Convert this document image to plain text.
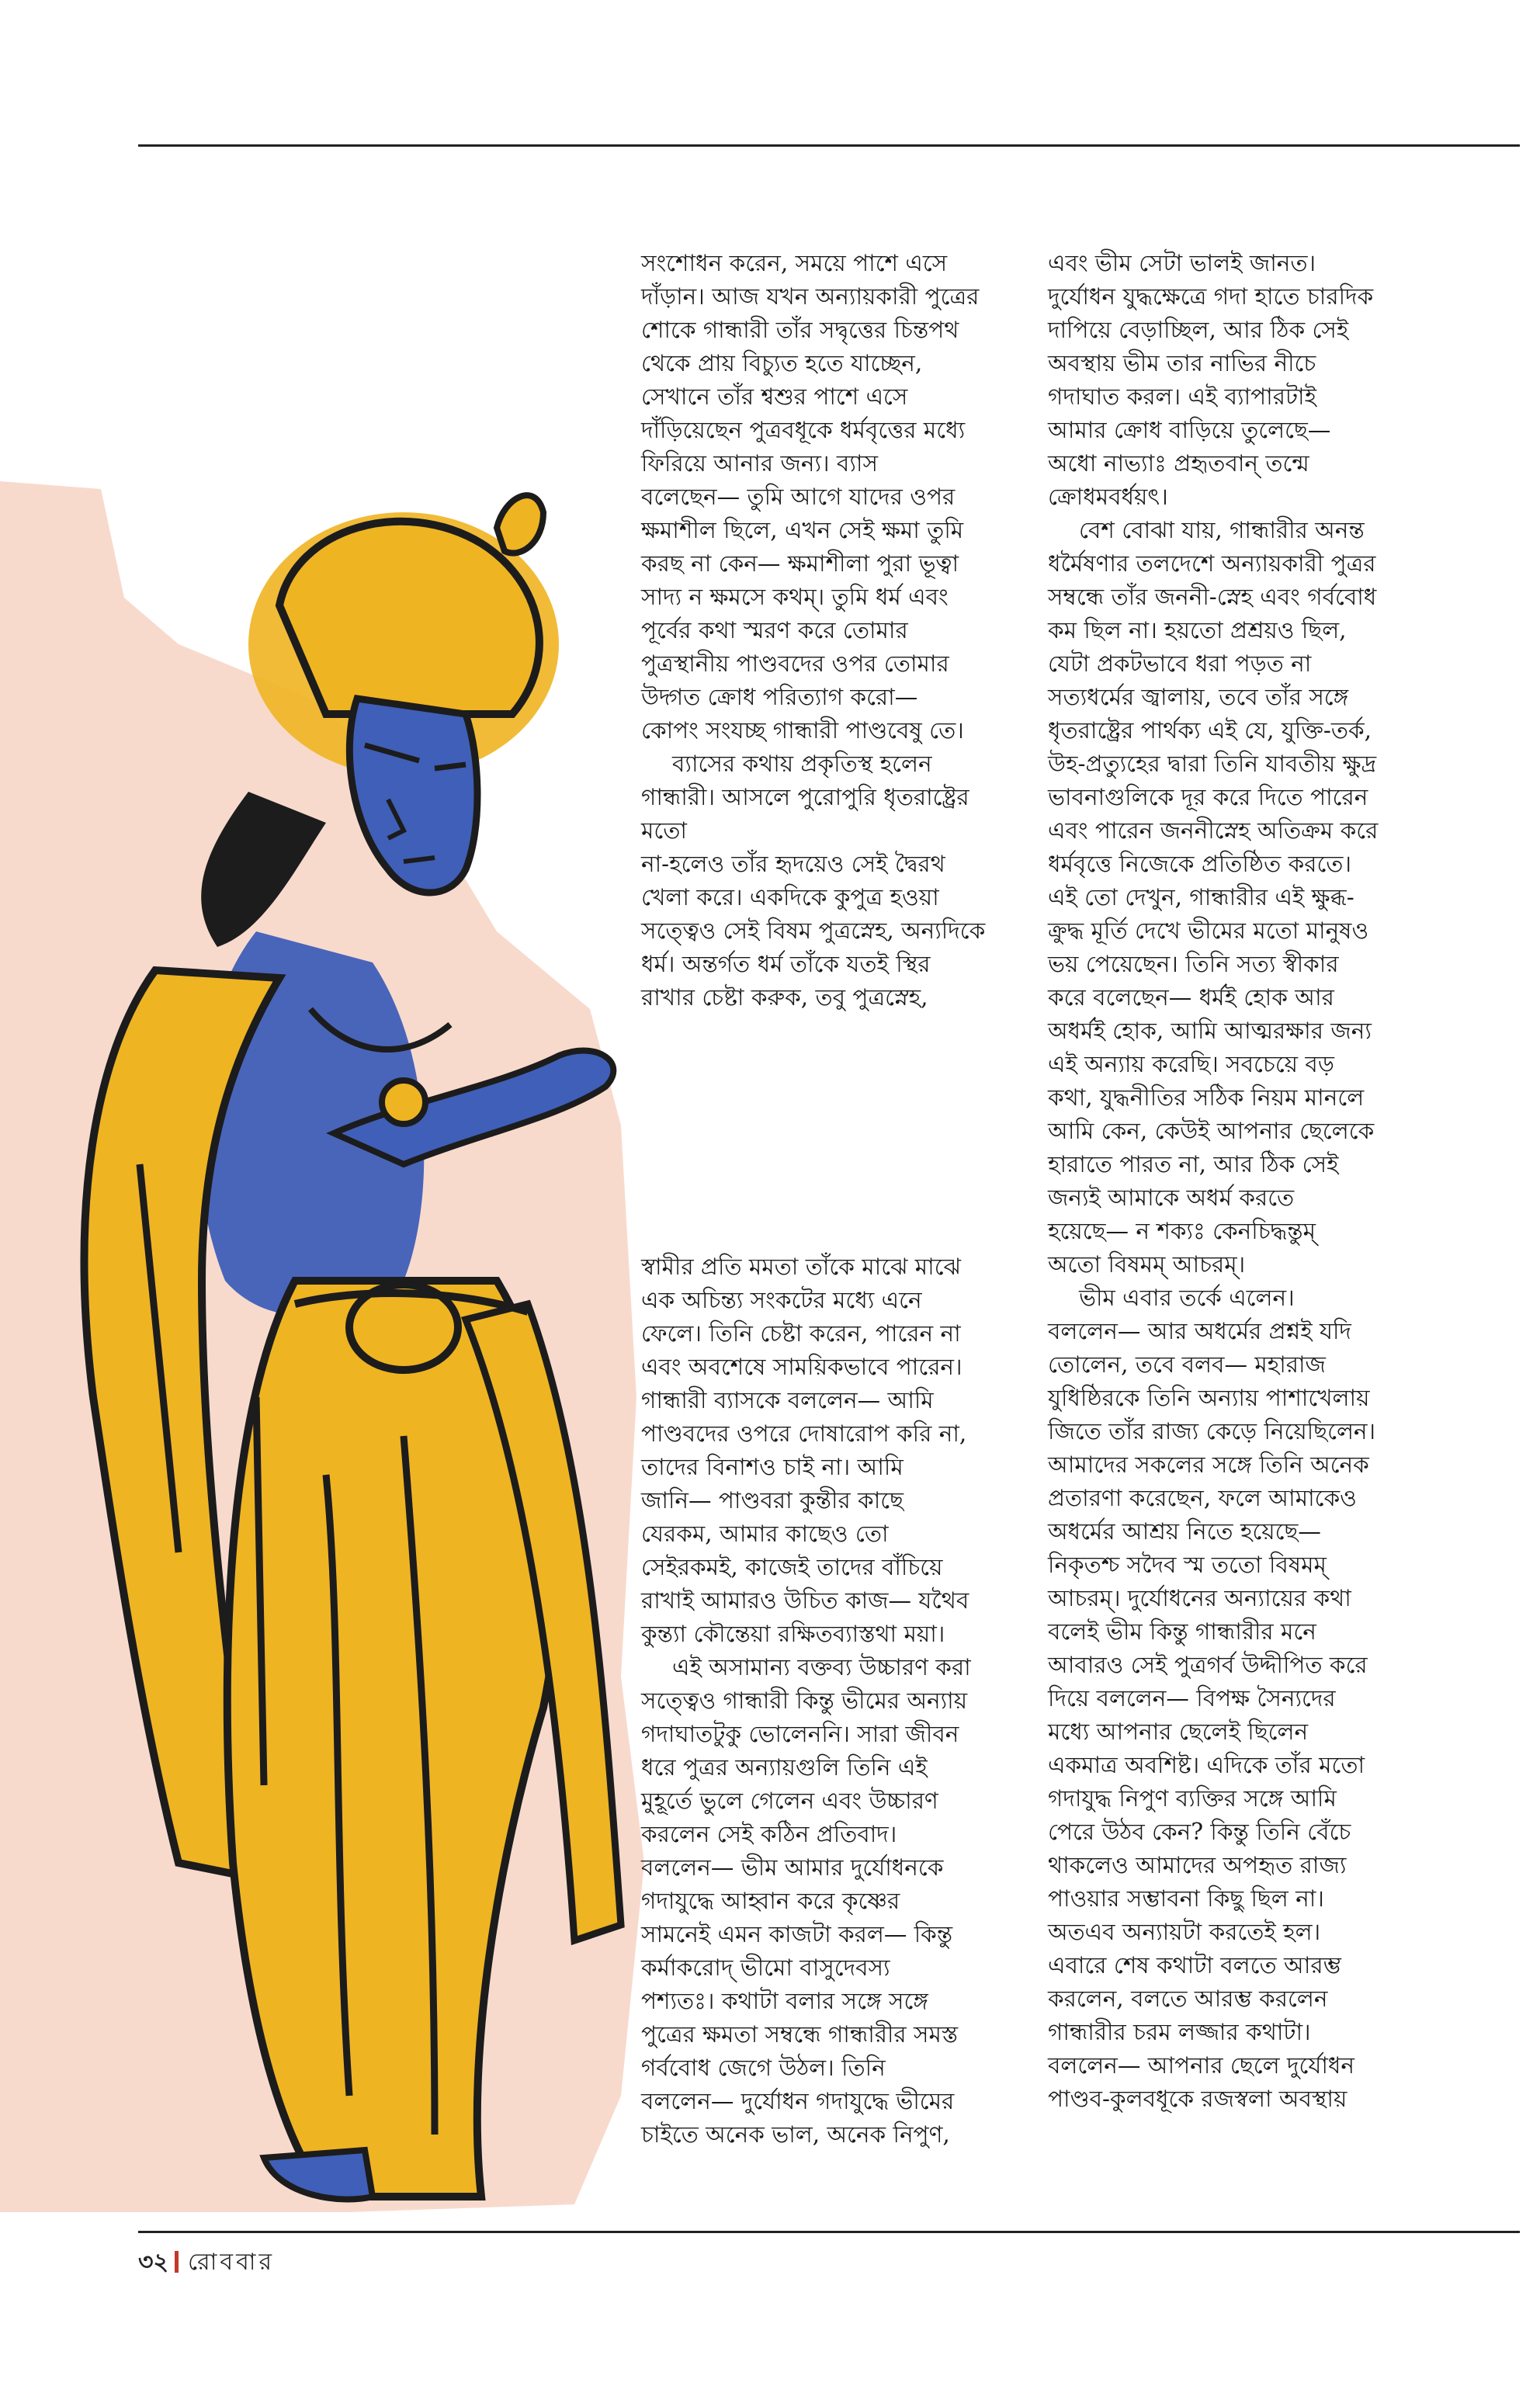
সংশোধন করেন, সময়ে পাশে এসে

দাঁড়ান। আজ যখন অন্যায়কারী পুত্রের

শোকে গান্ধারী তাঁর সদ্বৃত্তের চিন্তপথ

থেকে প্রায় বিচ্যুত হতে যাচ্ছেন,

সেখানে তাঁর শ্বশুর পাশে এসে

দাঁড়িয়েছেন পুত্রবধূকে ধর্মবৃত্তের মধ্যে

ফিরিয়ে আনার জন্য। ব্যাস

বলেছেন— তুমি আগে যাদের ওপর

ক্ষমাশীল ছিলে, এখন সেই ক্ষমা তুমি

করছ না কেন— ক্ষমাশীলা পুরা ভূত্বা

সাদ্য ন ক্ষমসে কথম্‌। তুমি ধর্ম এবং

পূর্বের কথা স্মরণ করে তোমার

পুত্রস্থানীয় পাণ্ডবদের ওপর তোমার

উদ্গত ক্রোধ পরিত্যাগ করো—

কোপং সংযচ্ছ গান্ধারী পাণ্ডবেষু তে।

ব্যাসের কথায় প্রকৃতিস্থ হলেন

গান্ধারী। আসলে পুরোপুরি ধৃতরাষ্ট্রের

মতো

না-হলেও তাঁর হৃদয়েও সেই দ্বৈরথ

খেলা করে। একদিকে কুপুত্র হওয়া

সত্ত্বেও সেই বিষম পুত্রস্নেহ, অন্যদিকে

ধর্ম। অন্তর্গত ধর্ম তাঁকে যতই স্থির

রাখার চেষ্টা করুক, তবু পুত্রস্নেহ,

স্বামীর প্রতি মমতা তাঁকে মাঝে মাঝে

এক অচিন্ত্য সংকটের মধ্যে এনে

ফেলে। তিনি চেষ্টা করেন, পারেন না

এবং অবশেষে সাময়িকভাবে পারেন।

গান্ধারী ব্যাসকে বললেন— আমি

পাণ্ডবদের ওপরে দোষারোপ করি না,

তাদের বিনাশও চাই না। আমি

জানি— পাণ্ডবরা কুন্তীর কাছে

যেরকম, আমার কাছেও তো

সেইরকমই, কাজেই তাদের বাঁচিয়ে

রাখাই আমারও উচিত কাজ— যথৈব

কুন্ত্যা কৌন্তেয়া রক্ষিতব্যাস্তথা ময়া।

এই অসামান্য বক্তব্য উচ্চারণ করা

সত্ত্বেও গান্ধারী কিন্তু ভীমের অন্যায়

গদাঘাতটুকু ভোলেননি। সারা জীবন

ধরে পুত্রর অন্যায়গুলি তিনি এই

মুহূর্তে ভুলে গেলেন এবং উচ্চারণ

করলেন সেই কঠিন প্রতিবাদ।

বললেন— ভীম আমার দুর্যোধনকে

গদাযুদ্ধে আহ্বান করে কৃষ্ণের

সামনেই এমন কাজটা করল— কিন্তু

কর্মাকরোদ্ ভীমো বাসুদেবস্য

পশ্যতঃ। কথাটা বলার সঙ্গে সঙ্গে

পুত্রের ক্ষমতা সম্বন্ধে গান্ধারীর সমস্ত

গর্ববোধ জেগে উঠল। তিনি

বললেন— দুর্যোধন গদাযুদ্ধে ভীমের

চাইতে অনেক ভাল, অনেক নিপুণ,

এবং ভীম সেটা ভালই জানত।

দুর্যোধন যুদ্ধক্ষেত্রে গদা হাতে চারদিক

দাপিয়ে বেড়াচ্ছিল, আর ঠিক সেই

অবস্থায় ভীম তার নাভির নীচে

গদাঘাত করল। এই ব্যাপারটাই

আমার ক্রোধ বাড়িয়ে তুলেছে—

অধো নাভ্যাঃ প্রহৃতবান্ তন্মে

ক্রোধমবর্ধয়ৎ।

বেশ বোঝা যায়, গান্ধারীর অনন্ত

ধর্মৈষণার তলদেশে অন্যায়কারী পুত্রর

সম্বন্ধে তাঁর জননী-স্নেহ এবং গর্ববোধ

কম ছিল না। হয়তো প্রশ্রয়ও ছিল,

যেটা প্রকটভাবে ধরা পড়ত না

সত্যধর্মের জ্বালায়, তবে তাঁর সঙ্গে

ধৃতরাষ্ট্রের পার্থক্য এই যে, যুক্তি-তর্ক,

উহ-প্রত্যুহের দ্বারা তিনি যাবতীয় ক্ষুদ্র

ভাবনাগুলিকে দূর করে দিতে পারেন

এবং পারেন জননীস্নেহ অতিক্রম করে

ধর্মবৃত্তে নিজেকে প্রতিষ্ঠিত করতে।

এই তো দেখুন, গান্ধারীর এই ক্ষুব্ধ-

ক্রুদ্ধ মূর্তি দেখে ভীমের মতো মানুষও

ভয় পেয়েছেন। তিনি সত্য স্বীকার

করে বলেছেন— ধর্মই হোক আর

অধর্মই হোক, আমি আত্মরক্ষার জন্য

এই অন্যায় করেছি। সবচেয়ে বড়

কথা, যুদ্ধনীতির সঠিক নিয়ম মানলে

আমি কেন, কেউই আপনার ছেলেকে

হারাতে পারত না, আর ঠিক সেই

জন্যই আমাকে অধর্ম করতে

হয়েছে— ন শক্যঃ কেনচিদ্ধন্তুম্

অতো বিষমম্ আচরম্।

ভীম এবার তর্কে এলেন।

বললেন— আর অধর্মের প্রশ্নই যদি

তোলেন, তবে বলব— মহারাজ

যুধিষ্ঠিরকে তিনি অন্যায় পাশাখেলায়

জিতে তাঁর রাজ্য কেড়ে নিয়েছিলেন।

আমাদের সকলের সঙ্গে তিনি অনেক

প্রতারণা করেছেন, ফলে আমাকেও

অধর্মের আশ্রয় নিতে হয়েছে—

নিকৃতশ্চ সদৈব স্ম ততো বিষমম্

আচরম্। দুর্যোধনের অন্যায়ের কথা

বলেই ভীম কিন্তু গান্ধারীর মনে

আবারও সেই পুত্রগর্ব উদ্দীপিত করে

দিয়ে বললেন— বিপক্ষ সৈন্যদের

মধ্যে আপনার ছেলেই ছিলেন

একমাত্র অবশিষ্ট। এদিকে তাঁর মতো

গদাযুদ্ধ নিপুণ ব্যক্তির সঙ্গে আমি

পেরে উঠব কেন? কিন্তু তিনি বেঁচে

থাকলেও আমাদের অপহৃত রাজ্য

পাওয়ার সম্ভাবনা কিছু ছিল না।

অতএব অন্যায়টা করতেই হল।

এবারে শেষ কথাটা বলতে আরম্ভ

করলেন, বলতে আরম্ভ করলেন

গান্ধারীর চরম লজ্জার কথাটা।

বললেন— আপনার ছেলে দুর্যোধন

পাণ্ডব-কুলবধূকে রজস্বলা অবস্থায়

৩২ রোববার
